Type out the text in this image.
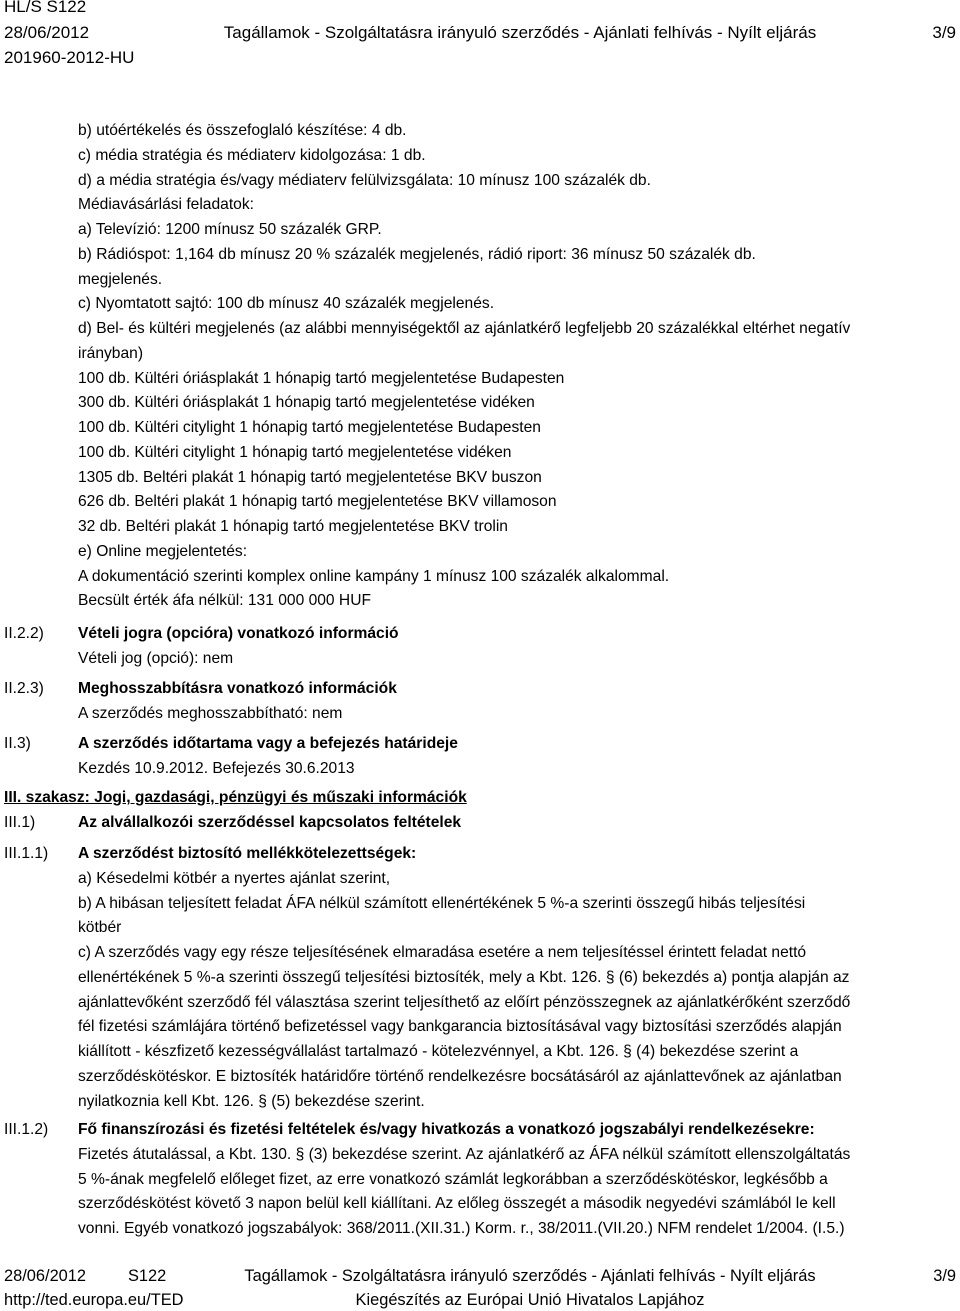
HL/S S122
28/06/2012	Tagállamok - Szolgáltatásra irányuló szerződés - Ajánlati felhívás - Nyílt eljárás	3/9
201960-2012-HU
b) utóértékelés és összefoglaló készítése: 4 db.
c) média stratégia és médiaterv kidolgozása: 1 db.
d) a média stratégia és/vagy médiaterv felülvizsgálata: 10 mínusz 100 százalék db.
Médiavásárlási feladatok:
a) Televízió: 1200 mínusz 50 százalék GRP.
b) Rádióspot: 1,164 db mínusz 20 % százalék megjelenés, rádió riport: 36 mínusz 50 százalék db.
megjelenés.
c) Nyomtatott sajtó: 100 db mínusz 40 százalék megjelenés.
d) Bel- és kültéri megjelenés (az alábbi mennyiségektől az ajánlatkérő legfeljebb 20 százalékkal eltérhet negatív
irányban)
100 db. Kültéri óriásplakát 1 hónapig tartó megjelentetése Budapesten
300 db. Kültéri óriásplakát 1 hónapig tartó megjelentetése vidéken
100 db. Kültéri citylight 1 hónapig tartó megjelentetése Budapesten
100 db. Kültéri citylight 1 hónapig tartó megjelentetése vidéken
1305 db. Beltéri plakát 1 hónapig tartó megjelentetése BKV buszon
626 db. Beltéri plakát 1 hónapig tartó megjelentetése BKV villamoson
32 db. Beltéri plakát 1 hónapig tartó megjelentetése BKV trolin
e) Online megjelentetés:
A dokumentáció szerinti komplex online kampány 1 mínusz 100 százalék alkalommal.
Becsült érték áfa nélkül: 131 000 000 HUF
II.2.2) Vételi jogra (opcióra) vonatkozó információ
Vételi jog (opció): nem
II.2.3) Meghosszabbításra vonatkozó információk
A szerződés meghosszabbítható: nem
II.3)	A szerződés időtartama vagy a befejezés határideje
Kezdés 10.9.2012. Befejezés 30.6.2013
III. szakasz: Jogi, gazdasági, pénzügyi és műszaki információk
III.1)	Az alvállalkozói szerződéssel kapcsolatos feltételek
III.1.1) A szerződést biztosító mellékkötelezettségek:
a) Késedelmi kötbér a nyertes ajánlat szerint,
b) A hibásan teljesített feladat ÁFA nélkül számított ellenértékének 5 %-a szerinti összegű hibás teljesítési
kötbér
c) A szerződés vagy egy része teljesítésének elmaradása esetére a nem teljesítéssel érintett feladat nettó
ellenértékének 5 %-a szerinti összegű teljesítési biztosíték, mely a Kbt. 126. § (6) bekezdés a) pontja alapján az
ajánlattevőként szerződő fél választása szerint teljesíthető az előírt pénzösszegnek az ajánlatkérőként szerződő
fél fizetési számlájára történő befizetéssel vagy bankgarancia biztosításával vagy biztosítási szerződés alapján
kiállított - készfizető kezességvállalást tartalmazó - kötelezvénnyel, a Kbt. 126. § (4) bekezdése szerint a
szerződéskötéskor. E biztosíték határidőre történő rendelkezésre bocsátásáról az ajánlattevőnek az ajánlatban
nyilatkoznia kell Kbt. 126. § (5) bekezdése szerint.
III.1.2) Fő finanszírozási és fizetési feltételek és/vagy hivatkozás a vonatkozó jogszabályi rendelkezésekre:
Fizetés átutalással, a Kbt. 130. § (3) bekezdése szerint. Az ajánlatkérő az ÁFA nélkül számított ellenszolgáltatás
5 %-ának megfelelő előleget fizet, az erre vonatkozó számlát legkorábban a szerződéskötéskor, legkésőbb a
szerződéskötést követő 3 napon belül kell kiállítani. Az előleg összegét a második negyedévi számlából le kell
vonni. Egyéb vonatkozó jogszabályok: 368/2011.(XII.31.) Korm. r., 38/2011.(VII.20.) NFM rendelet 1/2004. (I.5.)
28/06/2012	S122	Tagállamok - Szolgáltatásra irányuló szerződés - Ajánlati felhívás - Nyílt eljárás	3/9
http://ted.europa.eu/TED	Kiegészítés az Európai Unió Hivatalos Lapjához
